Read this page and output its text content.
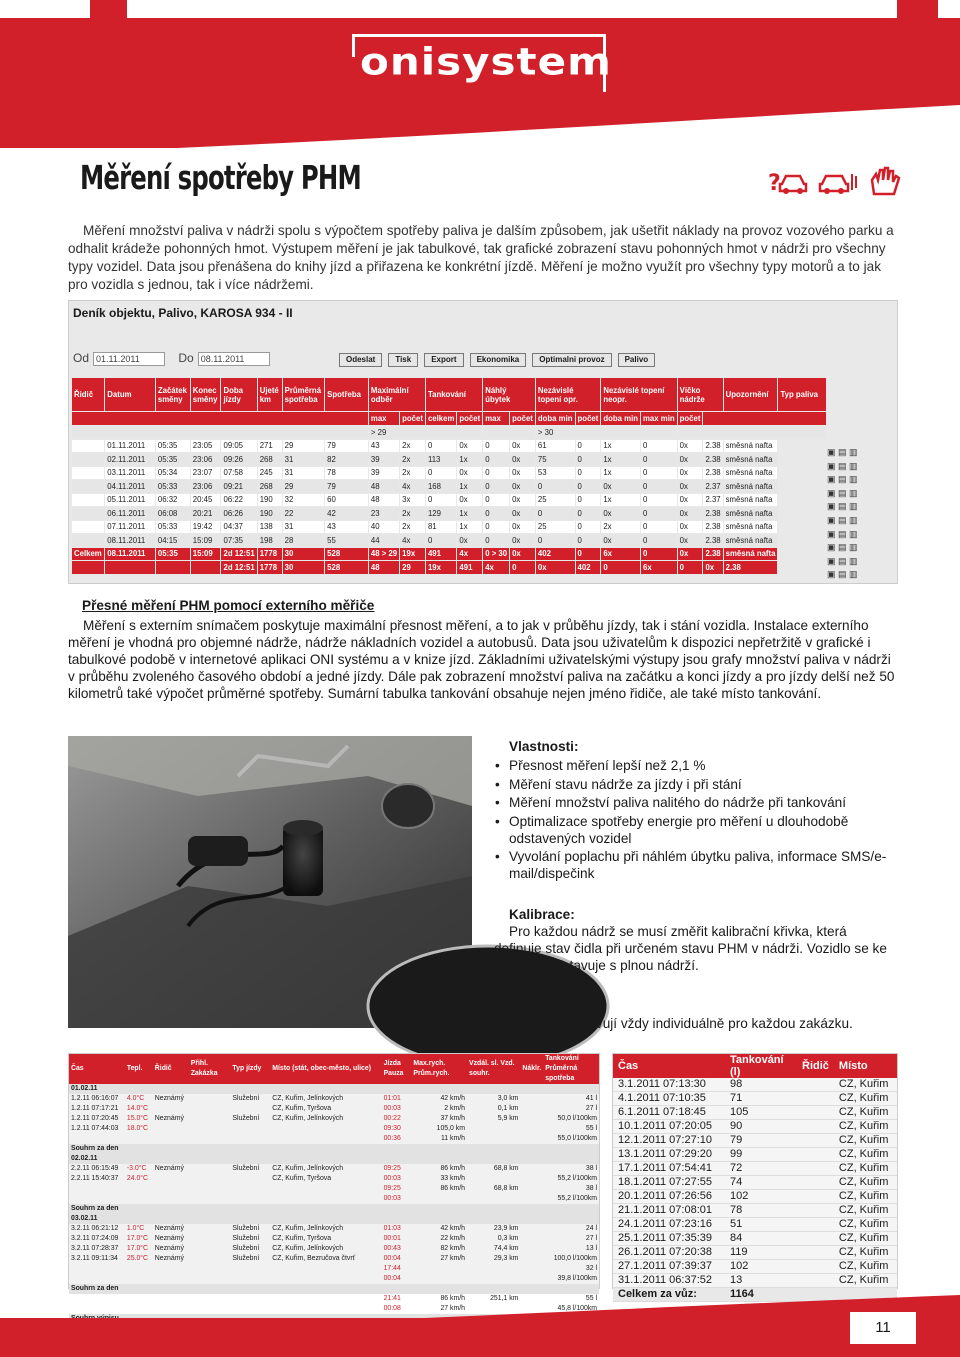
onisystem
Měření spotřeby PHM	?

Měření množství paliva v nádrži spolu s výpočtem spotřeby paliva je dalším způsobem, jak ušetřit náklady na provoz vozového parku a odhalit krádeže pohonných hmot. Výstupem měření je jak tabulkové, tak grafické zobrazení stavu pohonných hmot v nádrži pro všechny typy vozidel. Data jsou přenášena do knihy jízd a přiřazena ke konkrétní jízdě. Měření je možno využít pro všechny typy motorů a to jak pro vozidla s jednou, tak i více nádržemi.

Deník objektu, Palivo, KAROSA 934 - II
Od 01.11.2011	Do 08.11.2011	Odeslat	Tisk	Export	Ekonomika	Optimalni provoz	Palivo
Řidič	Datum	Začátek směny	Konec směny	Doba jízdy	Ujeté km	Průměrná spotřeba	Spotřeba	Maximální odběr		Tankování		Náhlý úbytek		Nezávislé topení opr.		Nezávislé topení neopr.		Víčko nádrže		Upozornění	Typ paliva
								max	počet	celkem	počet	max	počet	doba min	počet	doba min	max min	počet			
								> 29						> 30							
	01.11.2011	05:35	23:05	09:05	271	29	79	43	2x	0	0x	0	0x	61	0	1x	0	0x	2.38	směsná nafta	
	02.11.2011	05:35	23:06	09:26	268	31	82	39	2x	113	1x	0	0x	75	0	1x	0	0x	2.38	směsná nafta	
	03.11.2011	05:34	23:07	07:58	245	31	78	39	2x	0	0x	0	0x	53	0	1x	0	0x	2.38	směsná nafta	
	04.11.2011	05:33	23:06	09:21	268	29	79	48	4x	168	1x	0	0x	0	0	0x	0	0x	2.37	směsná nafta	
	05.11.2011	06:32	20:45	06:22	190	32	60	48	3x	0	0x	0	0x	25	0	1x	0	0x	2.37	směsná nafta	
	06.11.2011	06:08	20:21	06:26	190	22	42	23	2x	129	1x	0	0x	0	0	0x	0	0x	2.38	směsná nafta	
	07.11.2011	05:33	19:42	04:37	138	31	43	40	2x	81	1x	0	0x	25	0	2x	0	0x	2.38	směsná nafta	
	08.11.2011	04:15	15:09	07:35	198	28	55	44	4x	0	0x	0	0x	0	0	0x	0	0x	2.38	směsná nafta	
Celkem	08.11.2011	05:35	15:09	2d 12:51	1778	30	528	48 > 29	19x	491	4x	0 > 30	0x	402	0	6x	0	0x	2.38	směsná nafta	
				2d 12:51	1778	30	528	48	29	19x	491	4x	0	0x	402	0	6x	0	0x	2.38	
▣ ▤ ▥
▣ ▤ ▥
▣ ▤ ▥
▣ ▤ ▥
▣ ▤ ▥
▣ ▤ ▥
▣ ▤ ▥
▣ ▤ ▥
▣ ▤ ▥
▣ ▤ ▥
Přesné měření PHM pomocí externího měřiče

Měření s externím snímačem poskytuje maximální přesnost měření, a to jak v průběhu jízdy, tak i stání vozidla. Instalace externího měření je vhodná pro objemné nádrže, nádrže nákladních vozidel a autobusů. Data jsou uživatelům k dispozici nepřetržitě v grafické i tabulkové podobě v internetové aplikaci ONI systému a v knize jízd. Základními uživatelskými výstupy jsou grafy množství paliva v nádrži v průběhu zvoleného časového období a jedné jízdy. Dále pak zobrazení množství paliva na začátku a konci jízdy a pro jízdy delší než 50 kilometrů také výpočet průměrné spotřeby. Sumární tabulka tankování obsahuje nejen jméno řidiče, ale také místo tankování.

Vlastnosti:
• Přesnost měření lepší než 2,1 %
• Měření stavu nádrže za jízdy i při stání
• Měření množství paliva nalitého do nádrže při tankování
• Optimalizace spotřeby energie pro měření u dlouhodobě odstavených vozidel
• Vyvolání poplachu při náhlém úbytku paliva, informace SMS/e-mail/dispečink
Kalibrace:

Pro každou nádrž se musí změřit kalibrační křivka, která definuje stav čidla při určeném stavu PHM v nádrži. Vozidlo se ke kalibraci přistavuje s plnou nádrží.

Cena:

Ceny se stanovují vždy individuálně pro každou zakázku.

Čas	Tepl.	Řidič	Přihl. Zakázka	Typ jízdy	Místo (stát, obec-město, ulice)	Jízda Pauza	Max.rych. Prům.rych.	Vzdál. sl. Vzd. souhr.	Náklr.	Tankování Průměrná spotřeba
01.02.11										
1.2.11 06:16:07	4.0°C	Neznámý		Služební	CZ, Kuřim, Jelínkových	01:01	42 km/h	3,0 km		41 l
1.2.11 07:17:21	14.0°C				CZ, Kuřim, Tyršova	00:03	2 km/h	0,1 km		27 l
1.2.11 07:20:45	15.0°C	Neznámý		Služební	CZ, Kuřim, Jelínkových	00:22	37 km/h	5,9 km		50,0 l/100km
1.2.11 07:44:03	18.0°C					09:30	105,0 km			55 l
						00:36	11 km/h			55,0 l/100km
Souhrn za den										
02.02.11										
2.2.11 06:15:49	-3.0°C	Neznámý		Služební	CZ, Kuřim, Jelínkových	09:25	86 km/h	68,8 km		38 l
2.2.11 15:40:37	24.0°C				CZ, Kuřim, Tyršova	00:03	33 km/h			55,2 l/100km
						09:25	86 km/h	68,8 km		38 l
						00:03				55,2 l/100km
Souhrn za den										
03.02.11										
3.2.11 06:21:12	1.0°C	Neznámý		Služební	CZ, Kuřim, Jelínkových	01:03	42 km/h	23,9 km		24 l
3.2.11 07:24:09	17.0°C	Neznámý		Služební	CZ, Kuřim, Tyršova	00:01	22 km/h	0,3 km		27 l
3.2.11 07:28:37	17.0°C	Neznámý		Služební	CZ, Kuřim, Jelínkových	00:43	82 km/h	74,4 km		13 l
3.2.11 09:11:34	25.0°C	Neznámý		Služební	CZ, Kuřim, Bezručova čtvrť	00:04	27 km/h	29,3 km		100,0 l/100km
						17:44				32 l
						00:04				39,8 l/100km
Souhrn za den										
						21:41	86 km/h	251,1 km		55 l
						00:08	27 km/h			45,8 l/100km

Čas	Tankování (l)	Řidič	Místo
3.1.2011 07:13:30	98		CZ, Kuřim
4.1.2011 07:10:35	71		CZ, Kuřim
6.1.2011 07:18:45	105		CZ, Kuřim
10.1.2011 07:20:05	90		CZ, Kuřim
12.1.2011 07:27:10	79		CZ, Kuřim
13.1.2011 07:29:20	99		CZ, Kuřim
17.1.2011 07:54:41	72		CZ, Kuřim
18.1.2011 07:27:55	74		CZ, Kuřim
20.1.2011 07:26:56	102		CZ, Kuřim
21.1.2011 07:08:01	78		CZ, Kuřim
24.1.2011 07:23:16	51		CZ, Kuřim
25.1.2011 07:35:39	84		CZ, Kuřim
26.1.2011 07:20:38	119		CZ, Kuřim
27.1.2011 07:39:37	102		CZ, Kuřim
31.1.2011 06:37:52	13		CZ, Kuřim
Celkem za vůz:	1164		
11
